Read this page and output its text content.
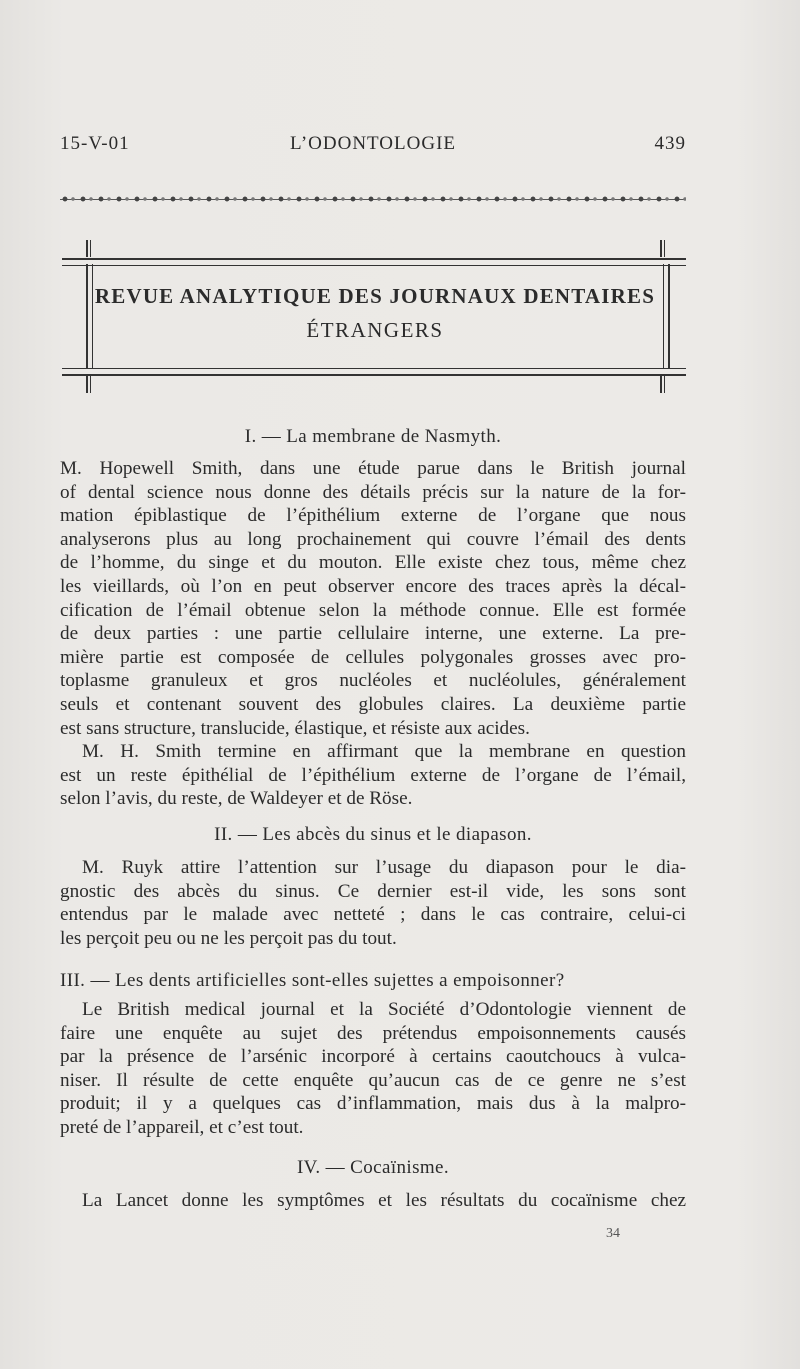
15-V-01	L’ODONTOLOGIE	439
REVUE ANALYTIQUE DES JOURNAUX DENTAIRES
ÉTRANGERS
I. — La membrane de Nasmyth.
M. Hopewell Smith, dans une étude parue dans le British journal
of dental science nous donne des détails précis sur la nature de la for-
mation épiblastique de l’épithélium externe de l’organe que nous
analyserons plus au long prochainement qui couvre l’émail des dents
de l’homme, du singe et du mouton. Elle existe chez tous, même chez
les vieillards, où l’on en peut observer encore des traces après la décal-
cification de l’émail obtenue selon la méthode connue. Elle est formée
de deux parties : une partie cellulaire interne, une externe. La pre-
mière partie est composée de cellules polygonales grosses avec pro-
toplasme granuleux et gros nucléoles et nucléolules, généralement
seuls et contenant souvent des globules claires. La deuxième partie
est sans structure, translucide, élastique, et résiste aux acides.
M. H. Smith termine en affirmant que la membrane en question
est un reste épithélial de l’épithélium externe de l’organe de l’émail,
selon l’avis, du reste, de Waldeyer et de Röse.
II. — Les abcès du sinus et le diapason.
M. Ruyk attire l’attention sur l’usage du diapason pour le dia-
gnostic des abcès du sinus. Ce dernier est-il vide, les sons sont
entendus par le malade avec netteté ; dans le cas contraire, celui-ci
les perçoit peu ou ne les perçoit pas du tout.
III. — Les dents artificielles sont-elles sujettes a empoisonner?
Le British medical journal et la Société d’Odontologie viennent de
faire une enquête au sujet des prétendus empoisonnements causés
par la présence de l’arsénic incorporé à certains caoutchoucs à vulca-
niser. Il résulte de cette enquête qu’aucun cas de ce genre ne s’est
produit; il y a quelques cas d’inflammation, mais dus à la malpro-
preté de l’appareil, et c’est tout.
IV. — Cocaïnisme.
La Lancet donne les symptômes et les résultats du cocaïnisme chez
34
